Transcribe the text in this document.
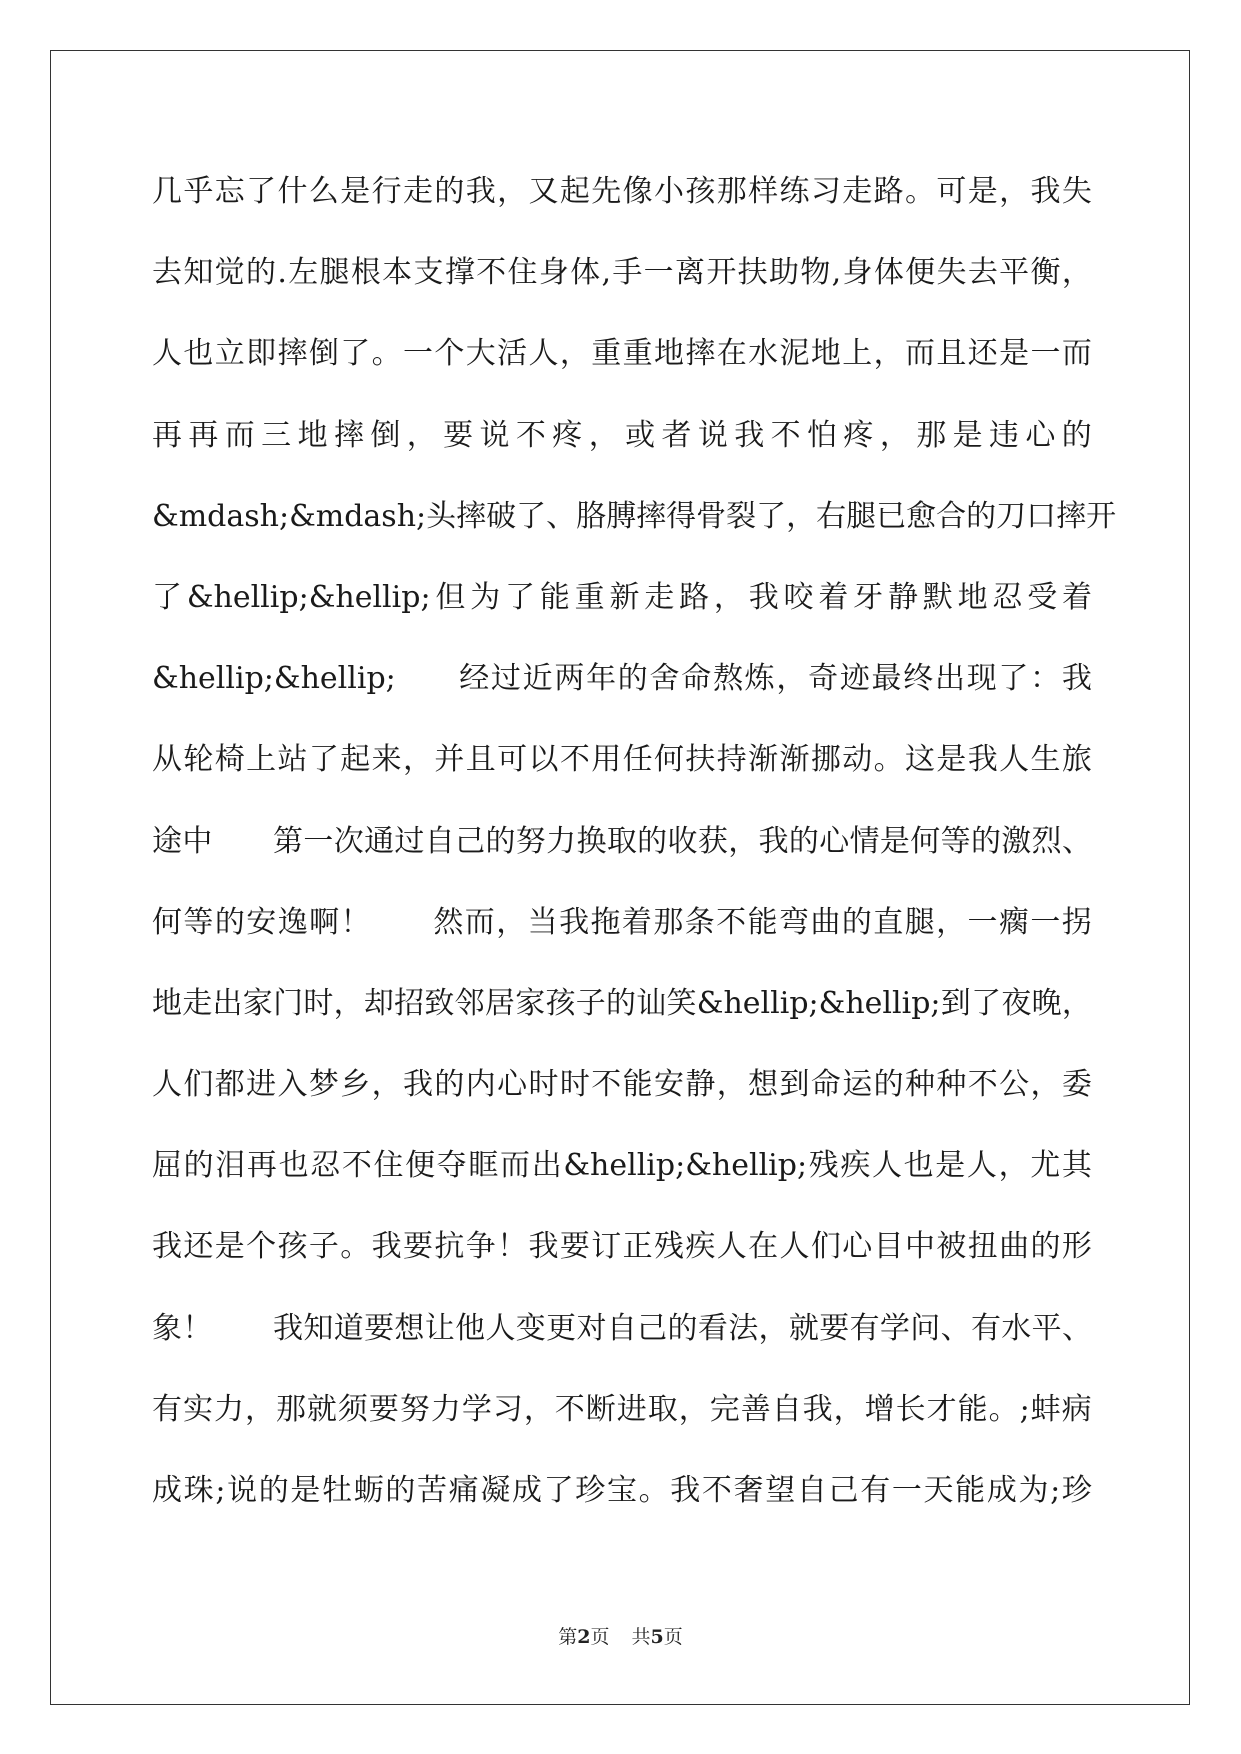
几 乎 忘 了 什 么 是 行 走 的 我 ， 又 起 先 像 小 孩 那 样 练 习 走 路 。 可 是 ， 我 失
去 知 觉 的 . 左 腿 根 本 支 撑 不 住 身 体 , 手 一 离 开 扶 助 物 , 身 体 便 失 去 平 衡 ，
人 也 立 即 摔 倒 了 。 一 个 大 活 人 ， 重 重 地 摔 在 水 泥 地 上 ， 而 且 还 是 一 而
再 再 而 三 地 摔 倒 ， 要 说 不 疼 ， 或 者 说 我 不 怕 疼 ， 那 是 违 心 的
&mdash;&mdash; 头 摔 破 了 、 胳 膊 摔 得 骨 裂 了 ， 右 腿 已 愈 合 的 刀 口 摔 开
了 &hellip;&hellip; 但 为 了 能 重 新 走 路 ， 我 咬 着 牙 静 默 地 忍 受 着
&hellip;&hellip;
　　 经 过 近 两 年 的 舍 命 熬 炼 ， 奇 迹 最 终 出 现 了 ： 我
从 轮 椅 上 站 了 起 来 ， 并 且 可 以 不 用 任 何 扶 持 渐 渐 挪 动 。 这 是 我 人 生 旅
途 中
　　 第 一 次 通 过 自 己 的 努 力 换 取 的 收 获 ， 我 的 心 情 是 何 等 的 激 烈 、
何 等 的 安 逸 啊 ！
　　 然 而 ， 当 我 拖 着 那 条 不 能 弯 曲 的 直 腿 ， 一 瘸 一 拐
地 走 出 家 门 时 ， 却 招 致 邻 居 家 孩 子 的 讪 笑 &hellip;&hellip; 到 了 夜 晚 ，
人 们 都 进 入 梦 乡 ， 我 的 内 心 时 时 不 能 安 静 ， 想 到 命 运 的 种 种 不 公 ， 委
屈 的 泪 再 也 忍 不 住 便 夺 眶 而 出 &hellip;&hellip; 残 疾 人 也 是 人 ， 尤 其
我 还 是 个 孩 子 。 我 要 抗 争 ！ 我 要 订 正 残 疾 人 在 人 们 心 目 中 被 扭 曲 的 形
象 ！
　　 我 知 道 要 想 让 他 人 变 更 对 自 己 的 看 法 ， 就 要 有 学 问 、 有 水 平 、
有 实 力 ， 那 就 须 要 努 力 学 习 ， 不 断 进 取 ， 完 善 自 我 ， 增 长 才 能 。 ; 蚌 病
成 珠 ; 说 的 是 牡 蛎 的 苦 痛 凝 成 了 珍 宝 。 我 不 奢 望 自 己 有 一 天 能 成 为 ; 珍
第2页 共5页
